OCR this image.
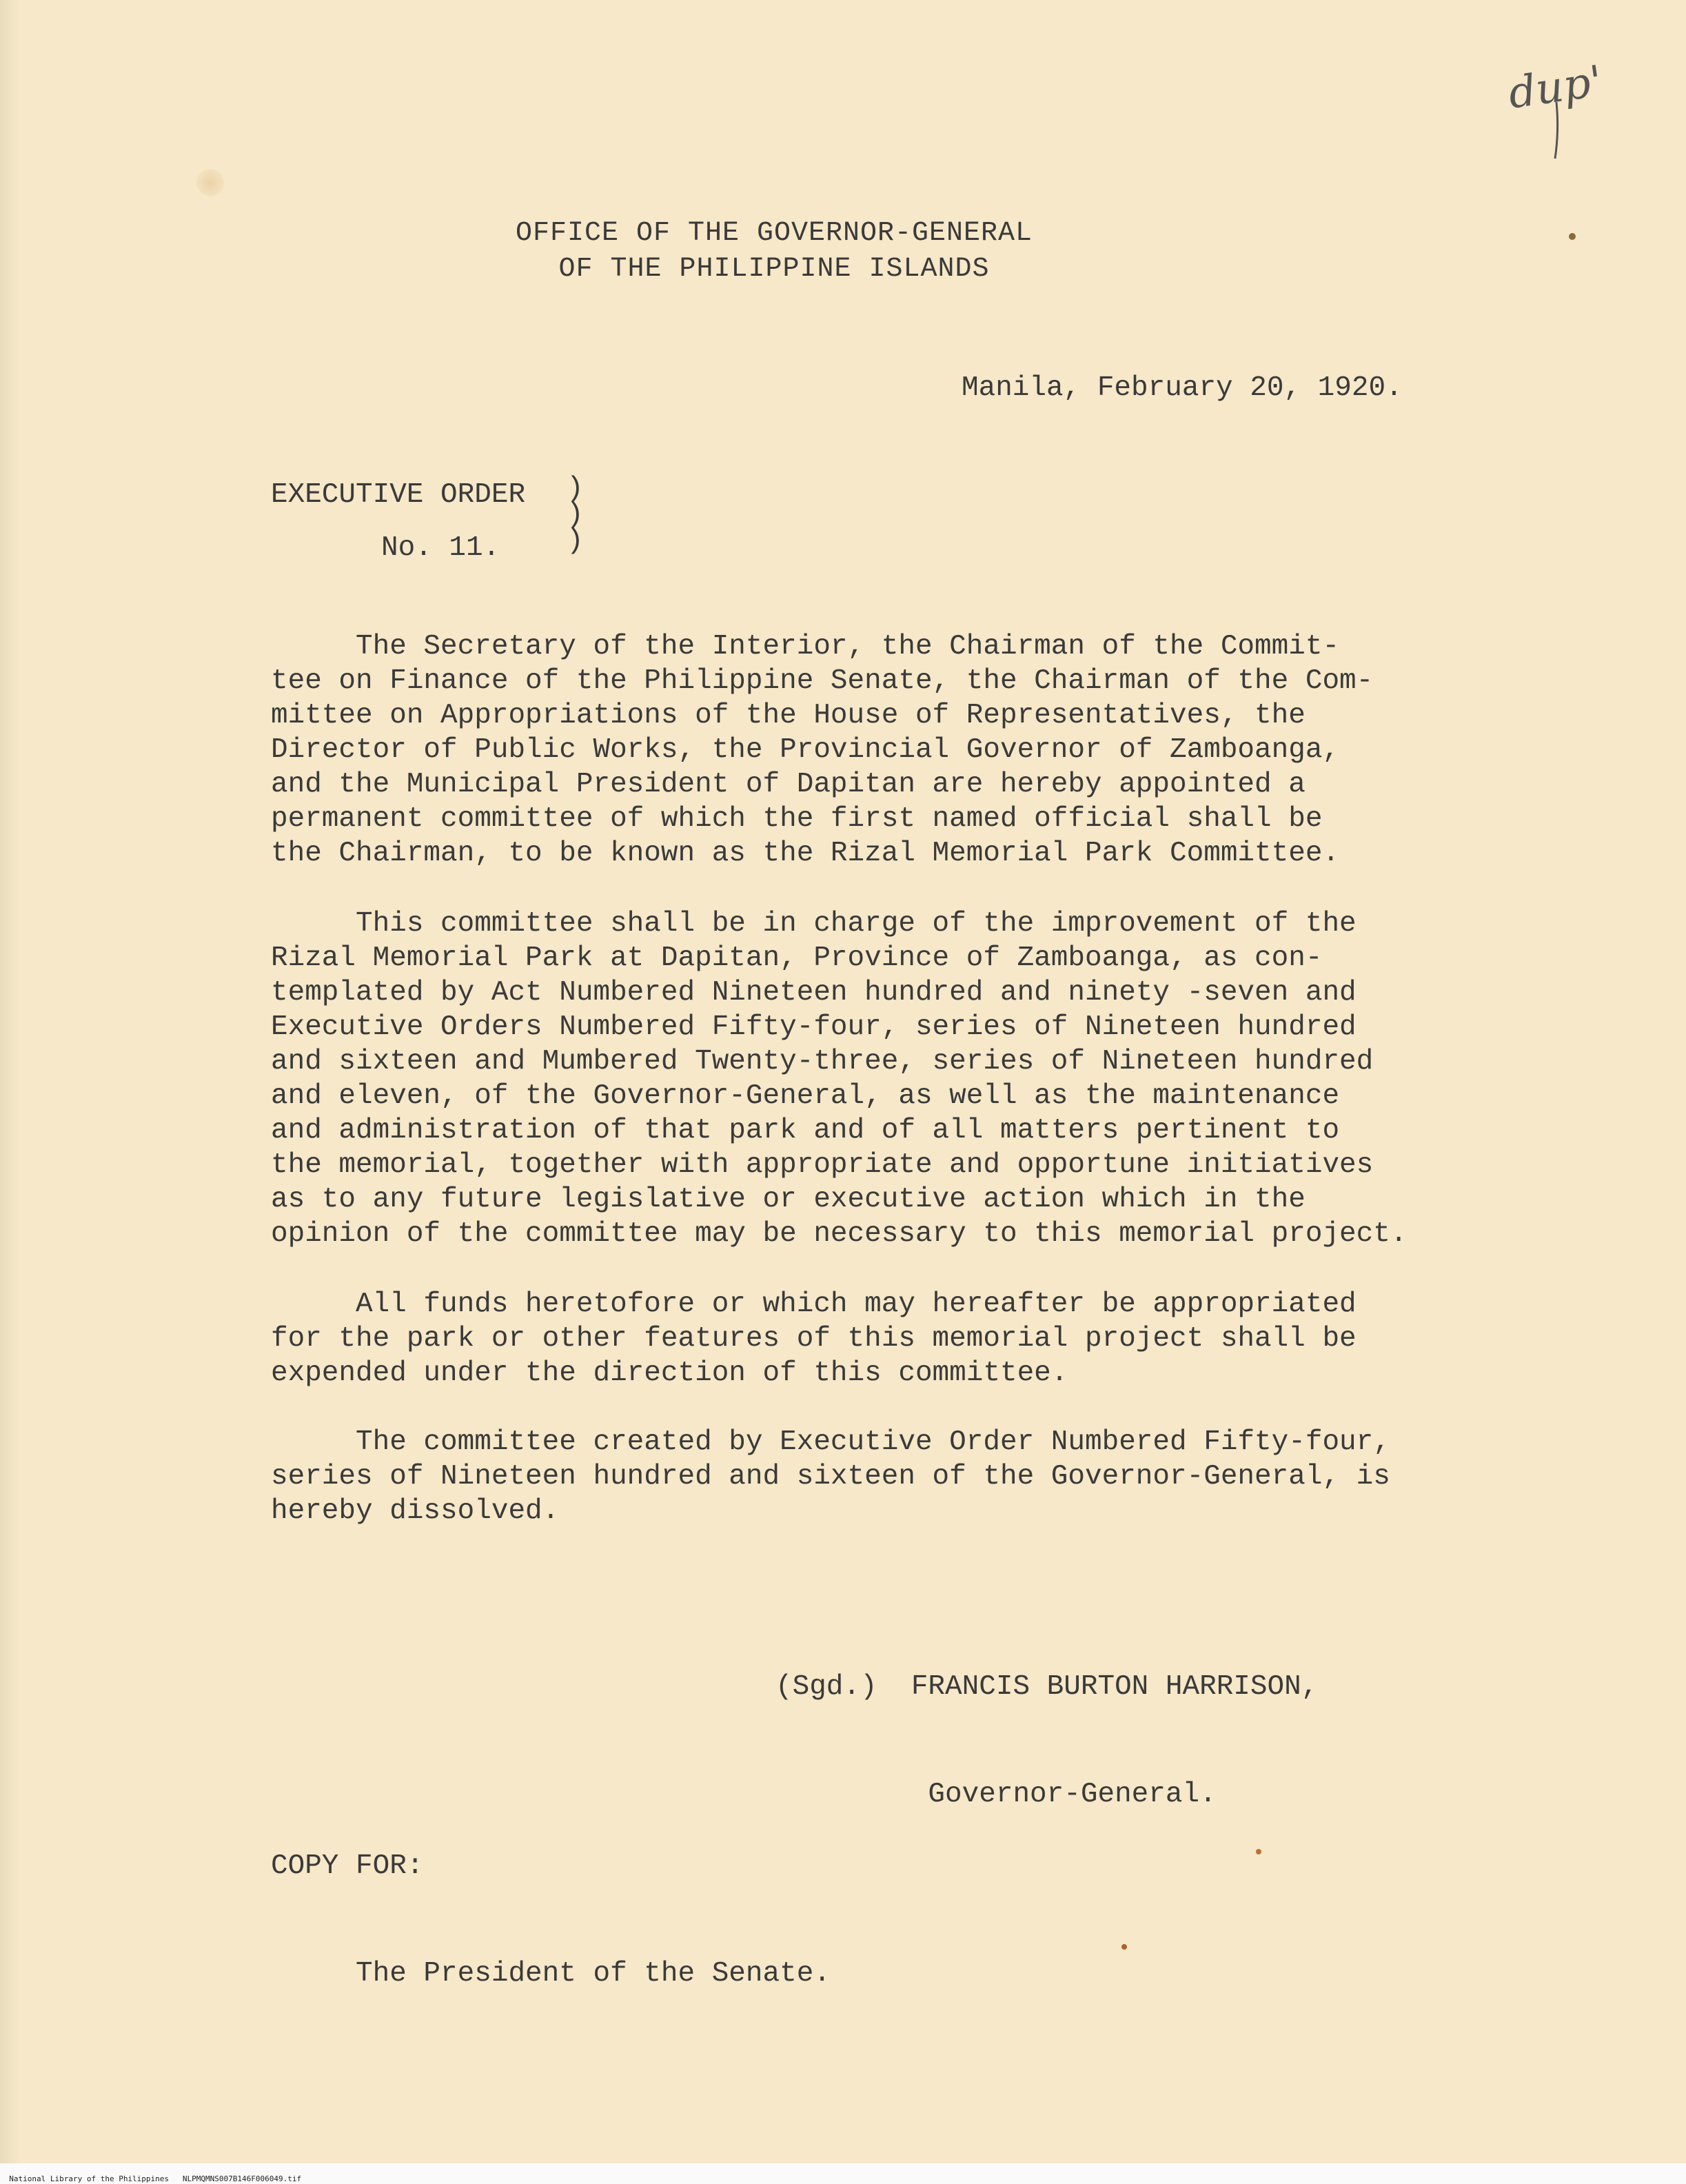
dup'
OFFICE OF THE GOVERNOR-GENERAL
OF THE PHILIPPINE ISLANDS
Manila, February 20, 1920.
EXECUTIVE ORDER
No. 11.
)
)
)
The Secretary of the Interior, the Chairman of the Commit-
tee on Finance of the Philippine Senate, the Chairman of the Com-
mittee on Appropriations of the House of Representatives, the
Director of Public Works, the Provincial Governor of Zamboanga,
and the Municipal President of Dapitan are hereby appointed a
permanent committee of which the first named official shall be
the Chairman, to be known as the Rizal Memorial Park Committee.
This committee shall be in charge of the improvement of the
Rizal Memorial Park at Dapitan, Province of Zamboanga, as con-
templated by Act Numbered Nineteen hundred and ninety -seven and
Executive Orders Numbered Fifty-four, series of Nineteen hundred
and sixteen and Mumbered Twenty-three, series of Nineteen hundred
and eleven, of the Governor-General, as well as the maintenance
and administration of that park and of all matters pertinent to
the memorial, together with appropriate and opportune initiatives
as to any future legislative or executive action which in the
opinion of the committee may be necessary to this memorial project.
All funds heretofore or which may hereafter be appropriated
for the park or other features of this memorial project shall be
expended under the direction of this committee.
The committee created by Executive Order Numbered Fifty-four,
series of Nineteen hundred and sixteen of the Governor-General, is
hereby dissolved.

(Sgd.)  FRANCIS BURTON HARRISON,

Governor-General.

COPY FOR:

The President of the Senate.

National Library of the Philippines NLPMQMNS007B146F006049.tif
